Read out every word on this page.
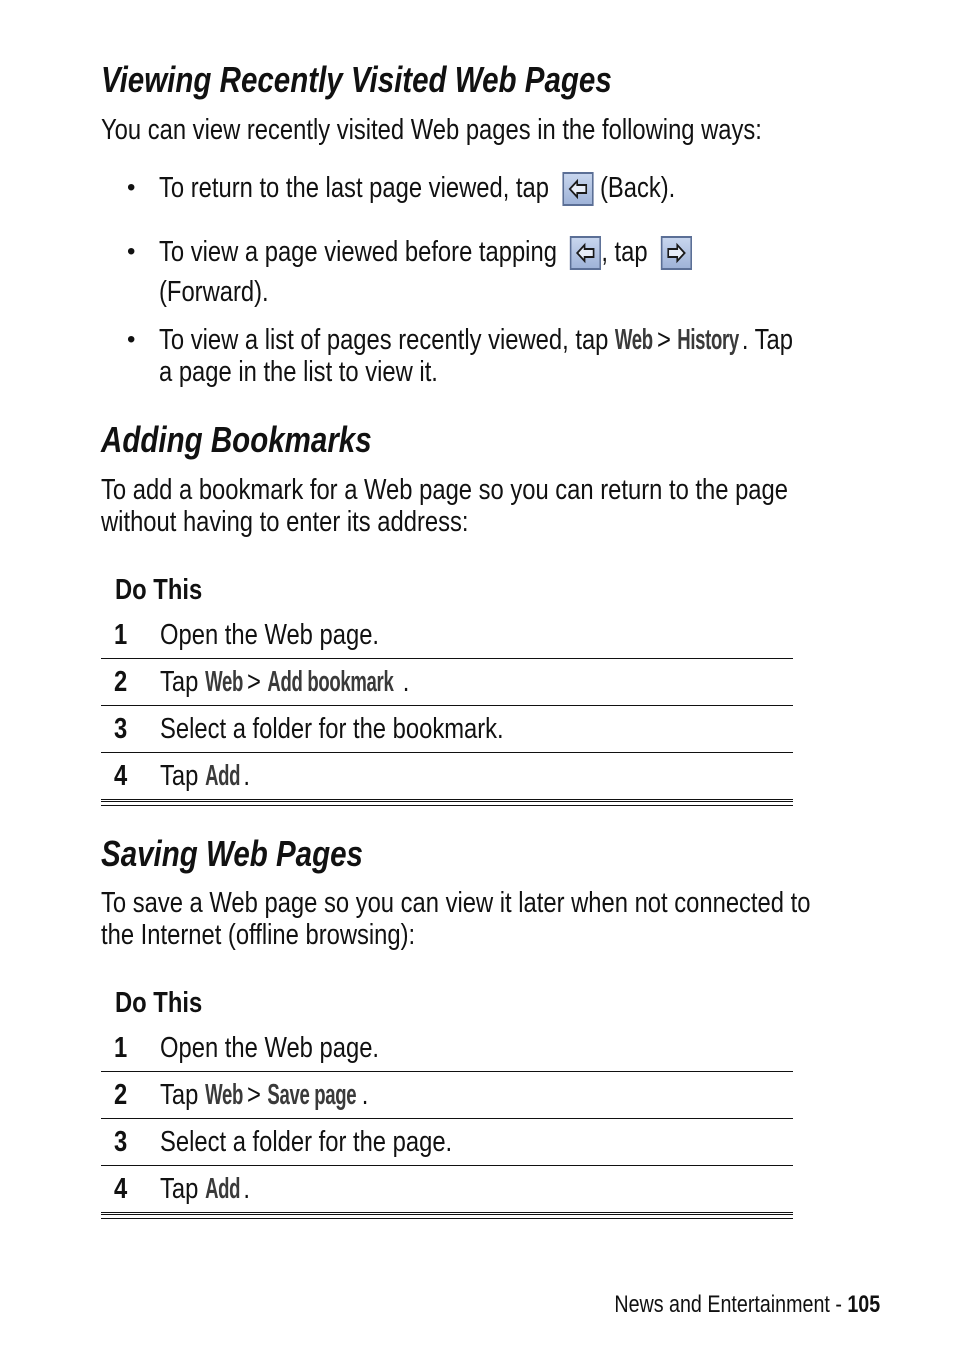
Viewing Recently Visited Web Pages
You can view recently visited Web pages in the following ways:
• To return to the last page viewed, tap (Back).
• To view a page viewed before tapping , tap
(Forward).
• To view a list of pages recently viewed, tap Web > History. Tap
a page in the list to view it.
Adding Bookmarks
To add a bookmark for a Web page so you can return to the page
without having to enter its address:
Do This
1 Open the Web page.
2 Tap Web > Add bookmark .
3 Select a folder for the bookmark.
4 Tap Add .
Saving Web Pages
To save a Web page so you can view it later when not connected to
the Internet (offline browsing):
Do This
1 Open the Web page.
2 Tap Web > Save page .
3 Select a folder for the page.
4 Tap Add .
News and Entertainment - 105
